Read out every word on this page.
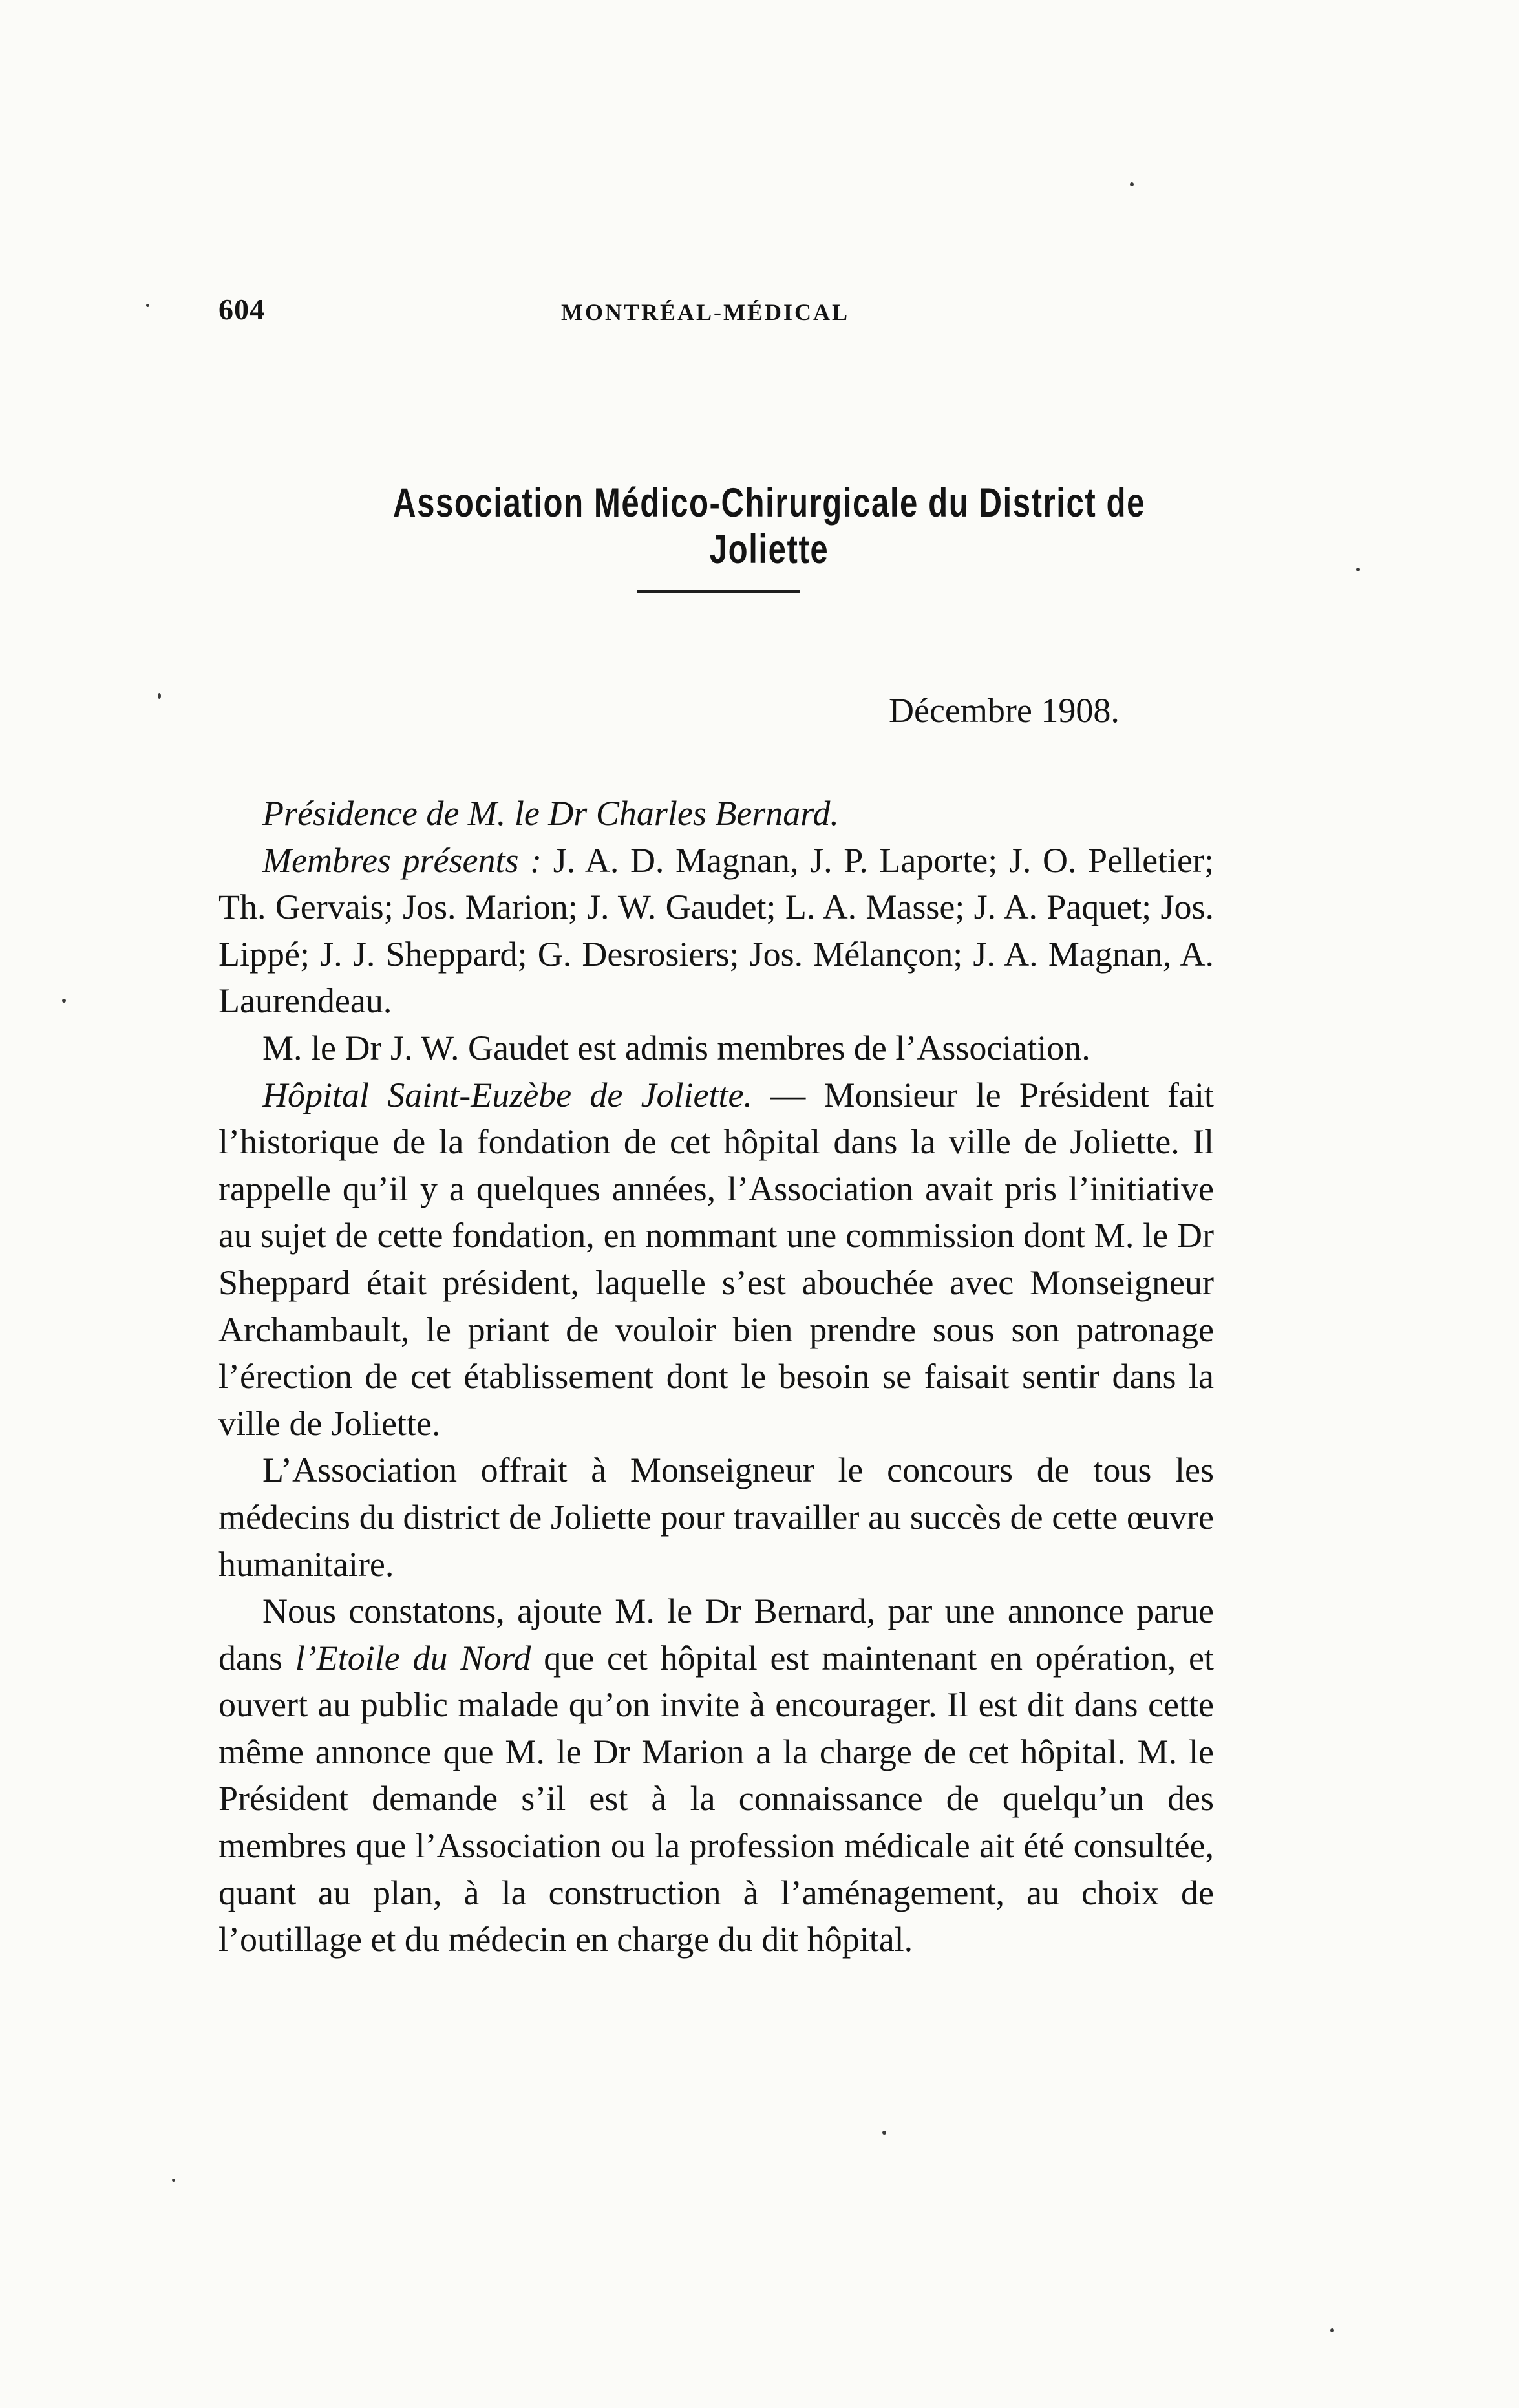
604	MONTRÉAL-MÉDICAL
Association Médico-Chirurgicale du District de Joliette
Décembre 1908.

Présidence de M. le Dr Charles Bernard.

Membres présents : J. A. D. Magnan, J. P. Laporte; J. O. Pelletier; Th. Gervais; Jos. Marion; J. W. Gaudet; L. A. Masse; J. A. Paquet; Jos. Lippé; J. J. Sheppard; G. Desrosiers; Jos. Mélançon; J. A. Magnan, A. Laurendeau.

M. le Dr J. W. Gaudet est admis membres de l’Association.

Hôpital Saint-Euzèbe de Joliette. — Monsieur le Président fait l’historique de la fondation de cet hôpital dans la ville de Joliette. Il rappelle qu’il y a quelques années, l’Association avait pris l’initiative au sujet de cette fondation, en nommant une commission dont M. le Dr Sheppard était président, laquelle s’est abouchée avec Monseigneur Archambault, le priant de vouloir bien prendre sous son patronage l’érection de cet établissement dont le besoin se faisait sentir dans la ville de Joliette.

L’Association offrait à Monseigneur le concours de tous les médecins du district de Joliette pour travailler au succès de cette œuvre humanitaire.

Nous constatons, ajoute M. le Dr Bernard, par une annonce parue dans l’Etoile du Nord que cet hôpital est maintenant en opération, et ouvert au public malade qu’on invite à encourager. Il est dit dans cette même annonce que M. le Dr Marion a la charge de cet hôpital. M. le Président demande s’il est à la connaissance de quelqu’un des membres que l’Association ou la profession médicale ait été consultée, quant au plan, à la construction à l’aménagement, au choix de l’outillage et du médecin en charge du dit hôpital.
